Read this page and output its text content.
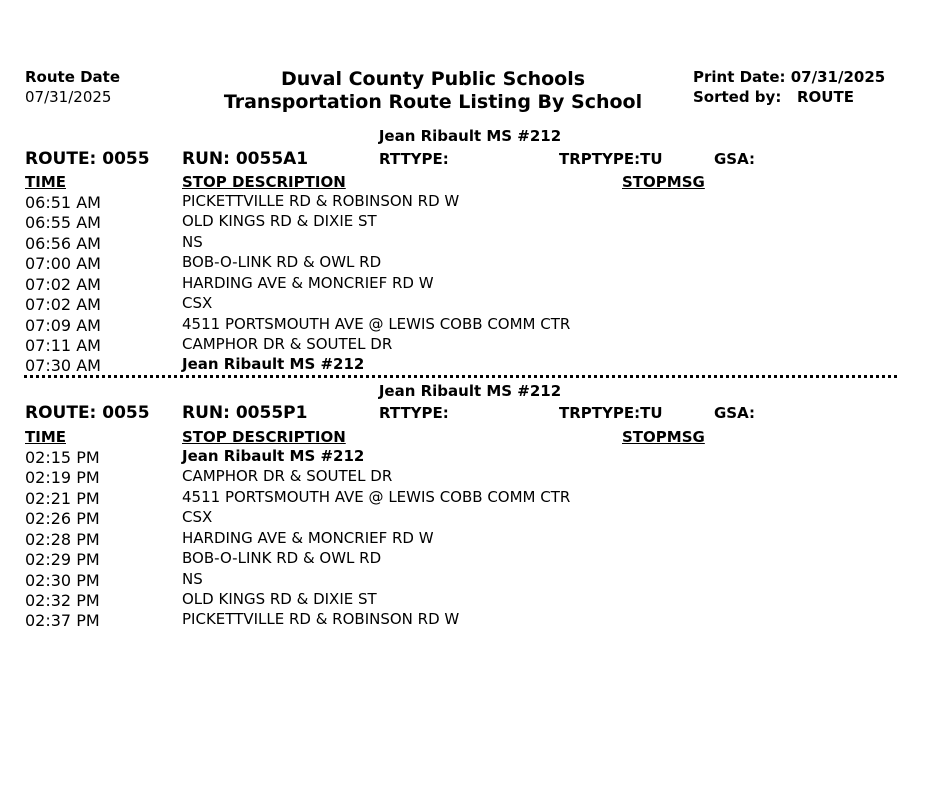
Route Date
07/31/2025
Duval County Public Schools
Transportation Route Listing By School
Print Date: 07/31/2025
Sorted by:   ROUTE
Jean Ribault MS #212
ROUTE: 0055 RUN: 0055A1	RTTYPE:	TRPTYPE:TU	GSA:
TIME	STOP DESCRIPTION	STOPMSG
06:51 AM	PICKETTVILLE RD & ROBINSON RD W
06:55 AM	OLD KINGS RD & DIXIE ST
06:56 AM	NS
07:00 AM	BOB-O-LINK RD & OWL RD
07:02 AM	HARDING AVE & MONCRIEF RD W
07:02 AM	CSX
07:09 AM	4511 PORTSMOUTH AVE @ LEWIS COBB COMM CTR
07:11 AM	CAMPHOR DR & SOUTEL DR
07:30 AM	Jean Ribault MS #212
Jean Ribault MS #212
ROUTE: 0055 RUN: 0055P1	RTTYPE:	TRPTYPE:TU	GSA:
TIME	STOP DESCRIPTION	STOPMSG
02:15 PM	Jean Ribault MS #212
02:19 PM	CAMPHOR DR & SOUTEL DR
02:21 PM	4511 PORTSMOUTH AVE @ LEWIS COBB COMM CTR
02:26 PM	CSX
02:28 PM	HARDING AVE & MONCRIEF RD W
02:29 PM	BOB-O-LINK RD & OWL RD
02:30 PM	NS
02:32 PM	OLD KINGS RD & DIXIE ST
02:37 PM	PICKETTVILLE RD & ROBINSON RD W
